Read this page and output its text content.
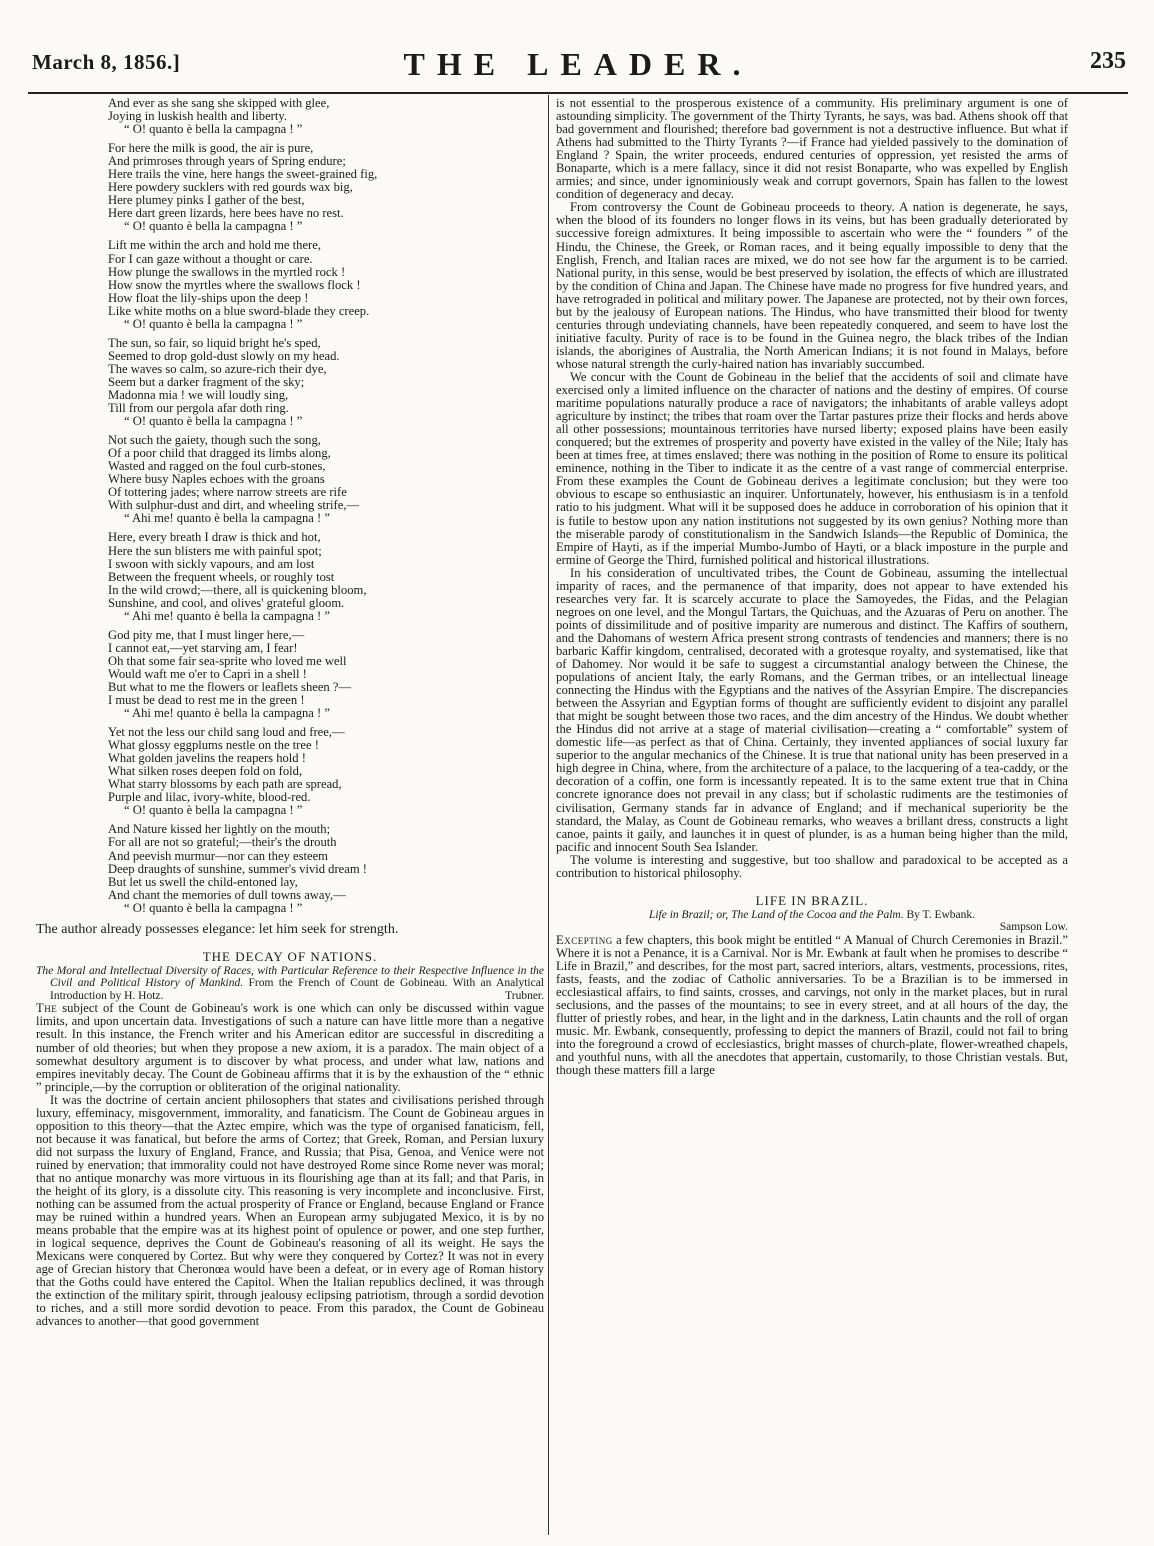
March 8, 1856.]	THE LEADER.	235
And ever as she sang she skipped with glee,
Joying in luskish health and liberty.
“ O! quanto è bella la campagna ! ”
For here the milk is good, the air is pure,
And primroses through years of Spring endure;
Here trails the vine, here hangs the sweet-grained fig,
Here powdery sucklers with red gourds wax big,
Here plumey pinks I gather of the best,
Here dart green lizards, here bees have no rest.
“ O! quanto è bella la campagna ! ”
Lift me within the arch and hold me there,
For I can gaze without a thought or care.
How plunge the swallows in the myrtled rock !
How snow the myrtles where the swallows flock !
How float the lily-ships upon the deep !
Like white moths on a blue sword-blade they creep.
“ O! quanto è bella la campagna ! ”
The sun, so fair, so liquid bright he's sped,
Seemed to drop gold-dust slowly on my head.
The waves so calm, so azure-rich their dye,
Seem but a darker fragment of the sky;
Madonna mia ! we will loudly sing,
Till from our pergola afar doth ring.
“ O! quanto è bella la campagna ! ”
Not such the gaiety, though such the song,
Of a poor child that dragged its limbs along,
Wasted and ragged on the foul curb-stones,
Where busy Naples echoes with the groans
Of tottering jades; where narrow streets are rife
With sulphur-dust and dirt, and wheeling strife,—
“ Ahi me! quanto è bella la campagna ! ”
Here, every breath I draw is thick and hot,
Here the sun blisters me with painful spot;
I swoon with sickly vapours, and am lost
Between the frequent wheels, or roughly tost
In the wild crowd;—there, all is quickening bloom,
Sunshine, and cool, and olives' grateful gloom.
“ Ahi me! quanto è bella la campagna ! ”
God pity me, that I must linger here,—
I cannot eat,—yet starving am, I fear!
Oh that some fair sea-sprite who loved me well
Would waft me o'er to Capri in a shell !
But what to me the flowers or leaflets sheen ?—
I must be dead to rest me in the green !
“ Ahi me! quanto è bella la campagna ! ”
Yet not the less our child sang loud and free,—
What glossy eggplums nestle on the tree !
What golden javelins the reapers hold !
What silken roses deepen fold on fold,
What starry blossoms by each path are spread,
Purple and lilac, ivory-white, blood-red.
“ O! quanto è bella la campagna ! ”
And Nature kissed her lightly on the mouth;
For all are not so grateful;—their's the drouth
And peevish murmur—nor can they esteem
Deep draughts of sunshine, summer's vivid dream !
But let us swell the child-entoned lay,
And chant the memories of dull towns away,—
“ O! quanto è bella la campagna ! ”
The author already possesses elegance: let him seek for strength.
THE DECAY OF NATIONS.
The Moral and Intellectual Diversity of Races, with Particular Reference to their Respective Influence in the Civil and Political History of Mankind. From the French of Count de Gobineau. With an Analytical Introduction by H. Hotz.	Trubner.

The subject of the Count de Gobineau's work is one which can only be discussed within vague limits, and upon uncertain data. Investigations of such a nature can have little more than a negative result. In this instance, the French writer and his American editor are successful in discrediting a number of old theories; but when they propose a new axiom, it is a paradox. The main object of a somewhat desultory argument is to discover by what process, and under what law, nations and empires inevitably decay. The Count de Gobineau affirms that it is by the exhaustion of the “ ethnic ” principle,—by the corruption or obliteration of the original nationality.

It was the doctrine of certain ancient philosophers that states and civilisations perished through luxury, effeminacy, misgovernment, immorality, and fanaticism. The Count de Gobineau argues in opposition to this theory—that the Aztec empire, which was the type of organised fanaticism, fell, not because it was fanatical, but before the arms of Cortez; that Greek, Roman, and Persian luxury did not surpass the luxury of England, France, and Russia; that Pisa, Genoa, and Venice were not ruined by enervation; that immorality could not have destroyed Rome since Rome never was moral; that no antique monarchy was more virtuous in its flourishing age than at its fall; and that Paris, in the height of its glory, is a dissolute city. This reasoning is very incomplete and inconclusive. First, nothing can be assumed from the actual prosperity of France or England, because England or France may be ruined within a hundred years. When an European army subjugated Mexico, it is by no means probable that the empire was at its highest point of opulence or power, and one step further, in logical sequence, deprives the Count de Gobineau's reasoning of all its weight. He says the Mexicans were conquered by Cortez. But why were they conquered by Cortez? It was not in every age of Grecian history that Cheronœa would have been a defeat, or in every age of Roman history that the Goths could have entered the Capitol. When the Italian republics declined, it was through the extinction of the military spirit, through jealousy eclipsing patriotism, through a sordid devotion to riches, and a still more sordid devotion to peace. From this paradox, the Count de Gobineau advances to another—that good government

is not essential to the prosperous existence of a community. His preliminary argument is one of astounding simplicity. The government of the Thirty Tyrants, he says, was bad. Athens shook off that bad government and flourished; therefore bad government is not a destructive influence. But what if Athens had submitted to the Thirty Tyrants ?—if France had yielded passively to the domination of England ? Spain, the writer proceeds, endured centuries of oppression, yet resisted the arms of Bonaparte, which is a mere fallacy, since it did not resist Bonaparte, who was expelled by English armies; and since, under ignominiously weak and corrupt governors, Spain has fallen to the lowest condition of degeneracy and decay.

From controversy the Count de Gobineau proceeds to theory. A nation is degenerate, he says, when the blood of its founders no longer flows in its veins, but has been gradually deteriorated by successive foreign admixtures. It being impossible to ascertain who were the “ founders ” of the Hindu, the Chinese, the Greek, or Roman races, and it being equally impossible to deny that the English, French, and Italian races are mixed, we do not see how far the argument is to be carried. National purity, in this sense, would be best preserved by isolation, the effects of which are illustrated by the condition of China and Japan. The Chinese have made no progress for five hundred years, and have retrograded in political and military power. The Japanese are protected, not by their own forces, but by the jealousy of European nations. The Hindus, who have transmitted their blood for twenty centuries through undeviating channels, have been repeatedly conquered, and seem to have lost the initiative faculty. Purity of race is to be found in the Guinea negro, the black tribes of the Indian islands, the aborigines of Australia, the North American Indians; it is not found in Malays, before whose natural strength the curly-haired nation has invariably succumbed.

We concur with the Count de Gobineau in the belief that the accidents of soil and climate have exercised only a limited influence on the character of nations and the destiny of empires. Of course maritime populations naturally produce a race of navigators; the inhabitants of arable valleys adopt agriculture by instinct; the tribes that roam over the Tartar pastures prize their flocks and herds above all other possessions; mountainous territories have nursed liberty; exposed plains have been easily conquered; but the extremes of prosperity and poverty have existed in the valley of the Nile; Italy has been at times free, at times enslaved; there was nothing in the position of Rome to ensure its political eminence, nothing in the Tiber to indicate it as the centre of a vast range of commercial enterprise. From these examples the Count de Gobineau derives a legitimate conclusion; but they were too obvious to escape so enthusiastic an inquirer. Unfortunately, however, his enthusiasm is in a tenfold ratio to his judgment. What will it be supposed does he adduce in corroboration of his opinion that it is futile to bestow upon any nation institutions not suggested by its own genius? Nothing more than the miserable parody of constitutionalism in the Sandwich Islands—the Republic of Dominica, the Empire of Hayti, as if the imperial Mumbo-Jumbo of Hayti, or a black imposture in the purple and ermine of George the Third, furnished political and historical illustrations.

In his consideration of uncultivated tribes, the Count de Gobineau, assuming the intellectual imparity of races, and the permanence of that imparity, does not appear to have extended his researches very far. It is scarcely accurate to place the Samoyedes, the Fidas, and the Pelagian negroes on one level, and the Mongul Tartars, the Quichuas, and the Azuaras of Peru on another. The points of dissimilitude and of positive imparity are numerous and distinct. The Kaffirs of southern, and the Dahomans of western Africa present strong contrasts of tendencies and manners; there is no barbaric Kaffir kingdom, centralised, decorated with a grotesque royalty, and systematised, like that of Dahomey. Nor would it be safe to suggest a circumstantial analogy between the Chinese, the populations of ancient Italy, the early Romans, and the German tribes, or an intellectual lineage connecting the Hindus with the Egyptians and the natives of the Assyrian Empire. The discrepancies between the Assyrian and Egyptian forms of thought are sufficiently evident to disjoint any parallel that might be sought between those two races, and the dim ancestry of the Hindus. We doubt whether the Hindus did not arrive at a stage of material civilisation—creating a “ comfortable” system of domestic life—as perfect as that of China. Certainly, they invented appliances of social luxury far superior to the angular mechanics of the Chinese. It is true that national unity has been preserved in a high degree in China, where, from the architecture of a palace, to the lacquering of a tea-caddy, or the decoration of a coffin, one form is incessantly repeated. It is to the same extent true that in China concrete ignorance does not prevail in any class; but if scholastic rudiments are the testimonies of civilisation, Germany stands far in advance of England; and if mechanical superiority be the standard, the Malay, as Count de Gobineau remarks, who weaves a brillant dress, constructs a light canoe, paints it gaily, and launches it in quest of plunder, is as a human being higher than the mild, pacific and innocent South Sea Islander.

The volume is interesting and suggestive, but too shallow and paradoxical to be accepted as a contribution to historical philosophy.

LIFE IN BRAZIL.
Life in Brazil; or, The Land of the Cocoa and the Palm. By T. Ewbank.
Sampson Low.

Excepting a few chapters, this book might be entitled “ A Manual of Church Ceremonies in Brazil.” Where it is not a Penance, it is a Carnival. Nor is Mr. Ewbank at fault when he promises to describe “ Life in Brazil,” and describes, for the most part, sacred interiors, altars, vestments, processions, rites, fasts, feasts, and the zodiac of Catholic anniversaries. To be a Brazilian is to be immersed in ecclesiastical affairs, to find saints, crosses, and carvings, not only in the market places, but in rural seclusions, and the passes of the mountains; to see in every street, and at all hours of the day, the flutter of priestly robes, and hear, in the light and in the darkness, Latin chaunts and the roll of organ music. Mr. Ewbank, consequently, professing to depict the manners of Brazil, could not fail to bring into the foreground a crowd of ecclesiastics, bright masses of church-plate, flower-wreathed chapels, and youthful nuns, with all the anecdotes that appertain, customarily, to those Christian vestals. But, though these matters fill a large
